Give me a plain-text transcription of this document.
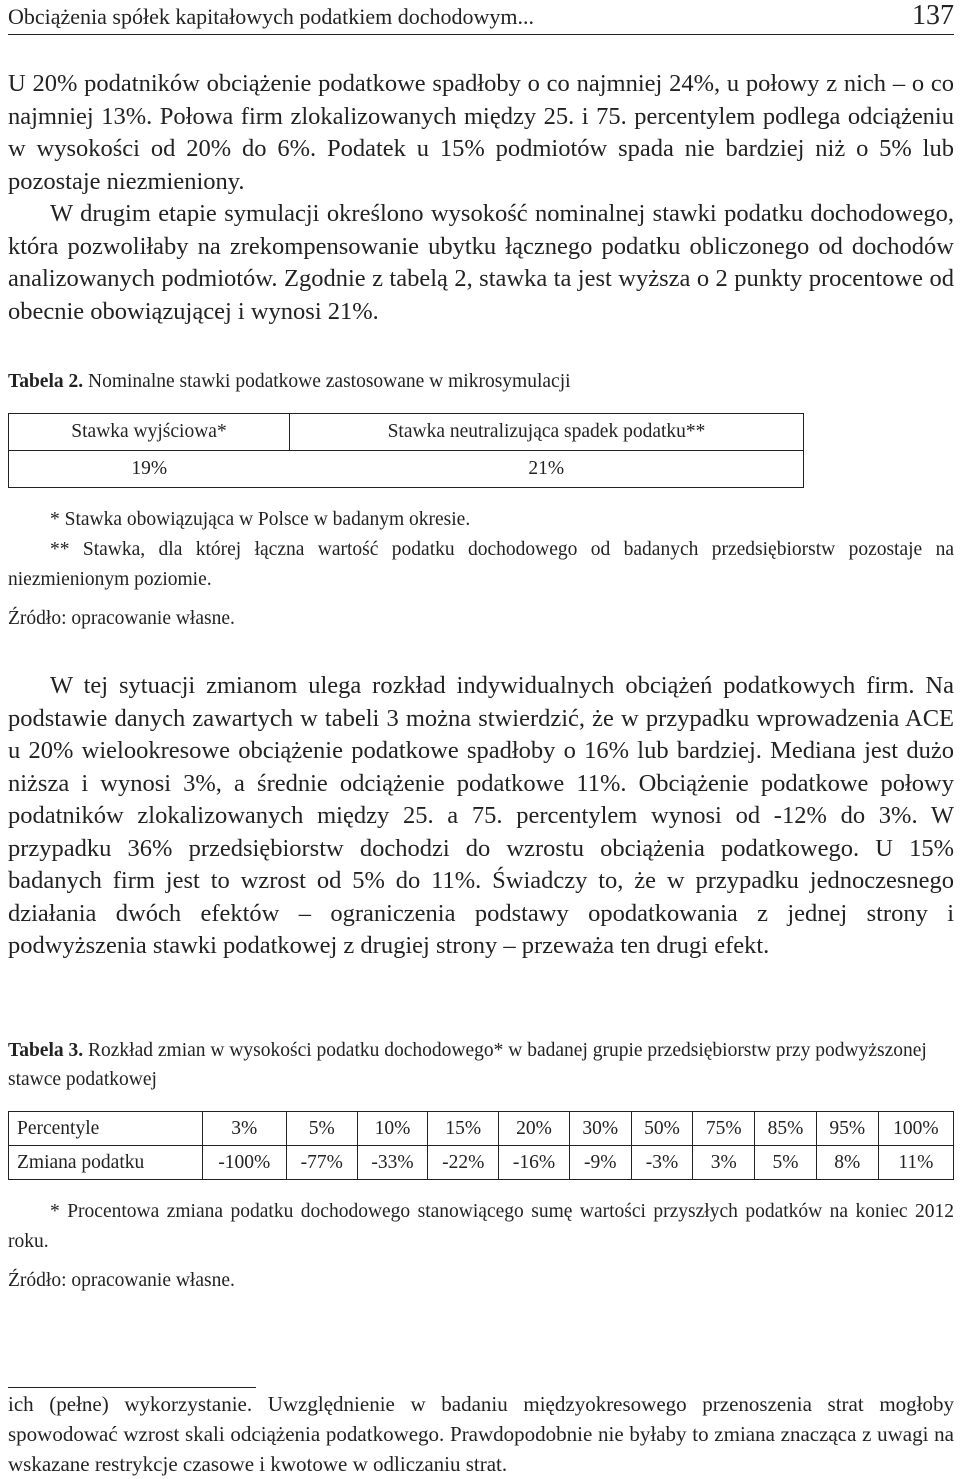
Obciążenia spółek kapitałowych podatkiem dochodowym...	137

U 20% podatników obciążenie podatkowe spadłoby o co najmniej 24%, u połowy z nich – o co najmniej 13%. Połowa firm zlokalizowanych między 25. i 75. percentylem podlega odciążeniu w wysokości od 20% do 6%. Podatek u 15% podmiotów spada nie bardziej niż o 5% lub pozostaje niezmieniony.

W drugim etapie symulacji określono wysokość nominalnej stawki podatku dochodowego, która pozwoliłaby na zrekompensowanie ubytku łącznego podatku obliczonego od dochodów analizowanych podmiotów. Zgodnie z tabelą 2, stawka ta jest wyższa o 2 punkty procentowe od obecnie obowiązującej i wynosi 21%.

Tabela 2. Nominalne stawki podatkowe zastosowane w mikrosymulacji

Stawka wyjściowa*	Stawka neutralizująca spadek podatku**
19%	21%

* Stawka obowiązująca w Polsce w badanym okresie.

** Stawka, dla której łączna wartość podatku dochodowego od badanych przedsiębiorstw pozostaje na niezmienionym poziomie.

Źródło: opracowanie własne.

W tej sytuacji zmianom ulega rozkład indywidualnych obciążeń podatkowych firm. Na podstawie danych zawartych w tabeli 3 można stwierdzić, że w przypadku wprowadzenia ACE u 20% wielookresowe obciążenie podatkowe spadłoby o 16% lub bardziej. Mediana jest dużo niższa i wynosi 3%, a średnie odciążenie podatkowe 11%. Obciążenie podatkowe połowy podatników zlokalizowanych między 25. a 75. percentylem wynosi od -12% do 3%. W przypadku 36% przedsiębiorstw dochodzi do wzrostu obciążenia podatkowego. U 15% badanych firm jest to wzrost od 5% do 11%. Świadczy to, że w przypadku jednoczesnego działania dwóch efektów – ograniczenia podstawy opodatkowania z jednej strony i podwyższenia stawki podatkowej z drugiej strony – przeważa ten drugi efekt.

Tabela 3. Rozkład zmian w wysokości podatku dochodowego* w badanej grupie przedsiębiorstw przy podwyższonej stawce podatkowej

Percentyle	3%	5%	10%	15%	20%	30%	50%	75%	85%	95%	100%
Zmiana podatku	-100%	-77%	-33%	-22%	-16%	-9%	-3%	3%	5%	8%	11%

* Procentowa zmiana podatku dochodowego stanowiącego sumę wartości przyszłych podatków na koniec 2012 roku.

Źródło: opracowanie własne.

ich (pełne) wykorzystanie. Uwzględnienie w badaniu międzyokresowego przenoszenia strat mogłoby spowodować wzrost skali odciążenia podatkowego. Prawdopodobnie nie byłaby to zmiana znacząca z uwagi na wskazane restrykcje czasowe i kwotowe w odliczaniu strat.
